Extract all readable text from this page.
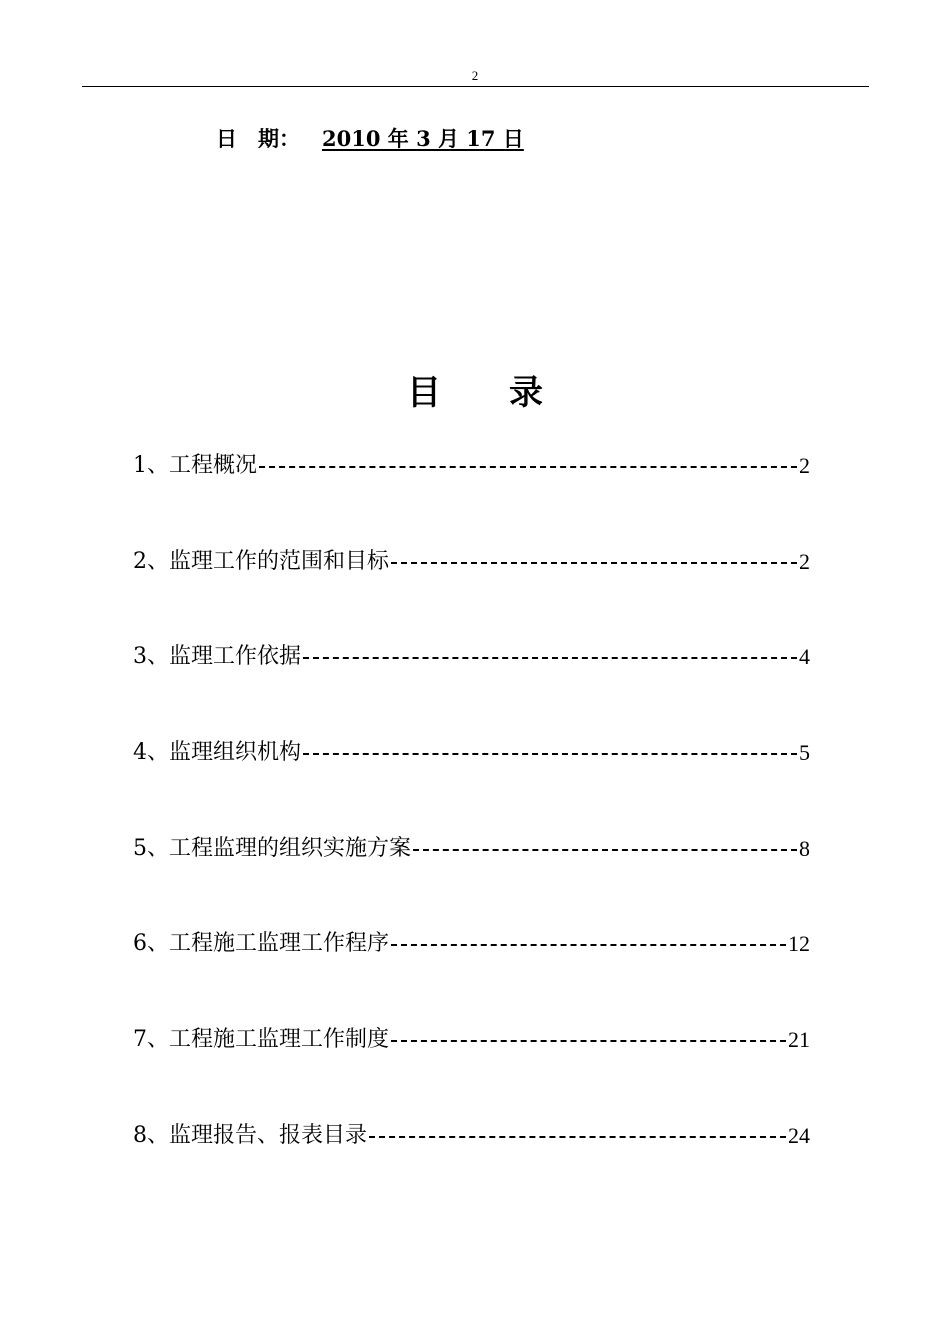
2
日　期： 2010 年 3 月 17 日
目　　录
1、工程概况	2
2、监理工作的范围和目标	2
3、监理工作依据	4
4、监理组织机构	5
5、工程监理的组织实施方案	8
6、工程施工监理工作程序	12
7、工程施工监理工作制度	21
8、监理报告、报表目录	24
